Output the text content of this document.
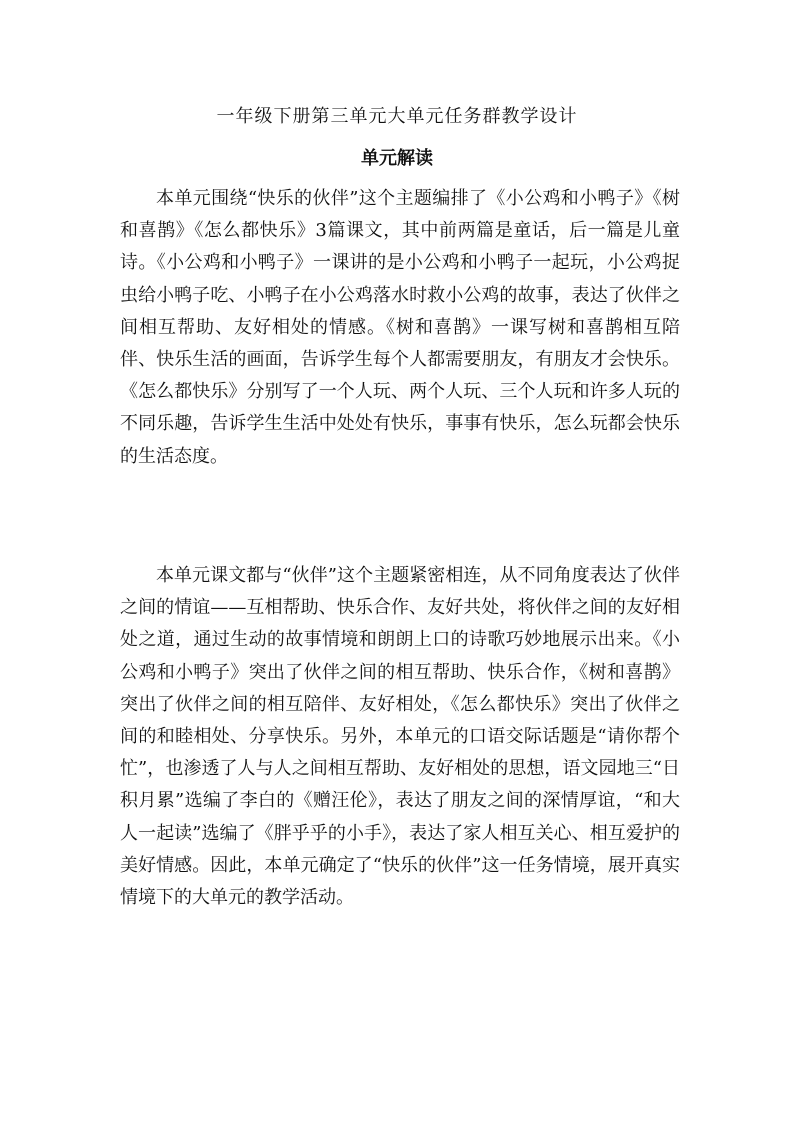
一年级下册第三单元大单元任务群教学设计
单元解读

本单元围绕“快乐的伙伴”这个主题编排了《小公鸡和小鸭子》《树和喜鹊》《怎么都快乐》3篇课文，其中前两篇是童话，后一篇是儿童诗。《小公鸡和小鸭子》一课讲的是小公鸡和小鸭子一起玩，小公鸡捉虫给小鸭子吃、小鸭子在小公鸡落水时救小公鸡的故事，表达了伙伴之间相互帮助、友好相处的情感。《树和喜鹊》一课写树和喜鹊相互陪伴、快乐生活的画面，告诉学生每个人都需要朋友，有朋友才会快乐。《怎么都快乐》分别写了一个人玩、两个人玩、三个人玩和许多人玩的不同乐趣，告诉学生生活中处处有快乐，事事有快乐，怎么玩都会快乐的生活态度。

本单元课文都与“伙伴”这个主题紧密相连，从不同角度表达了伙伴之间的情谊——互相帮助、快乐合作、友好共处，将伙伴之间的友好相处之道，通过生动的故事情境和朗朗上口的诗歌巧妙地展示出来。《小公鸡和小鸭子》突出了伙伴之间的相互帮助、快乐合作，《树和喜鹊》突出了伙伴之间的相互陪伴、友好相处，《怎么都快乐》突出了伙伴之间的和睦相处、分享快乐。另外，本单元的口语交际话题是“请你帮个忙”，也渗透了人与人之间相互帮助、友好相处的思想，语文园地三“日积月累”选编了李白的《赠汪伦》，表达了朋友之间的深情厚谊，“和大人一起读”选编了《胖乎乎的小手》，表达了家人相互关心、相互爱护的美好情感。因此，本单元确定了“快乐的伙伴”这一任务情境，展开真实情境下的大单元的教学活动。
